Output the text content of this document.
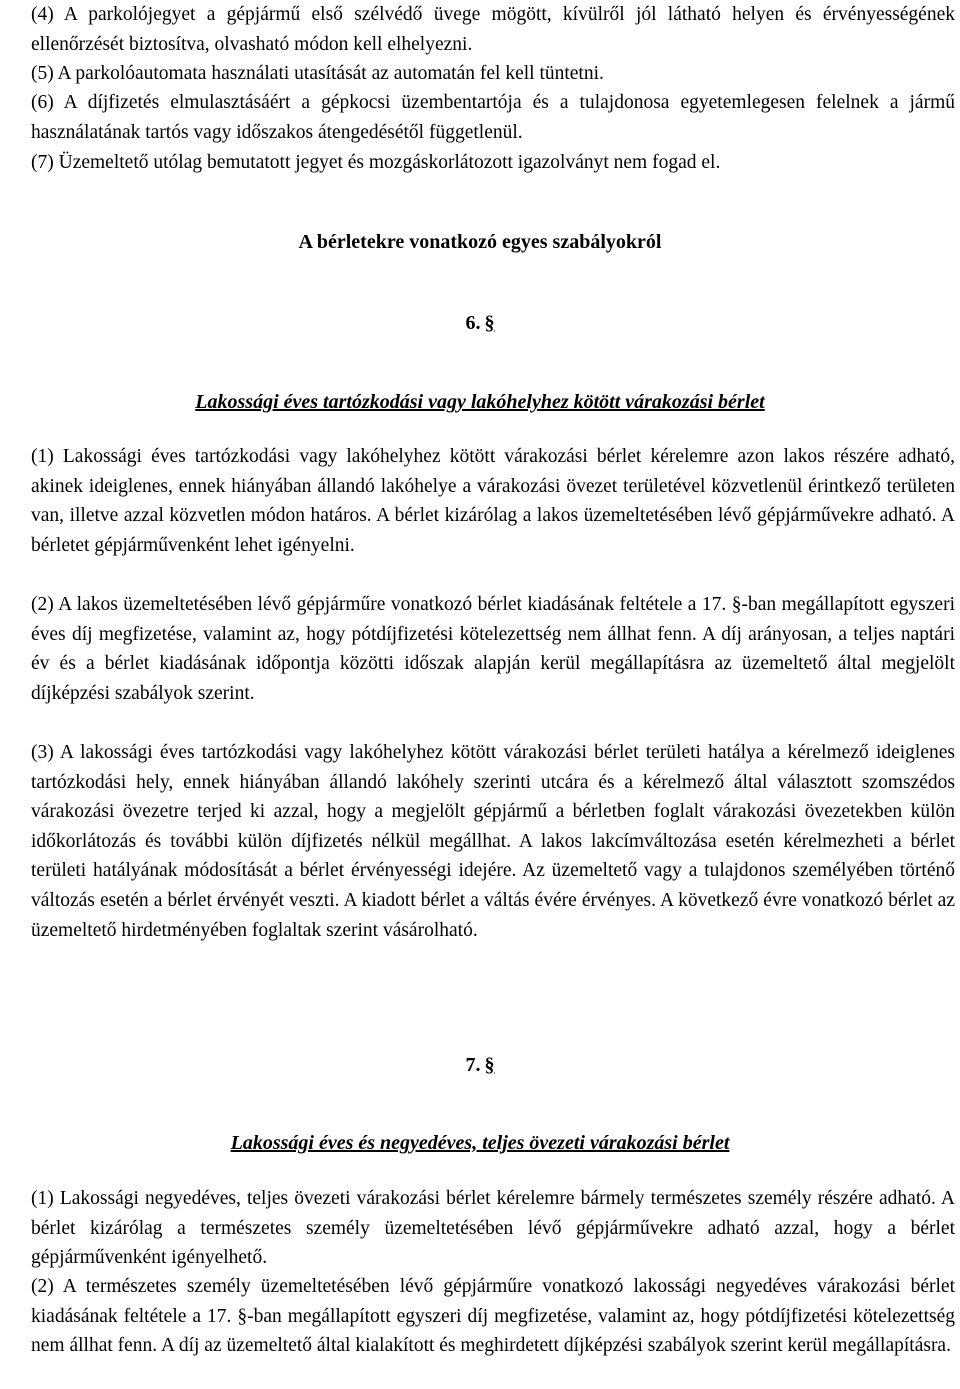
(4) A parkolójegyet a gépjármű első szélvédő üvege mögött, kívülről jól látható helyen és érvényességének ellenőrzését biztosítva, olvasható módon kell elhelyezni.

(5) A parkolóautomata használati utasítását az automatán fel kell tüntetni.

(6) A díjfizetés elmulasztásáért a gépkocsi üzembentartója és a tulajdonosa egyetemlegesen felelnek a jármű használatának tartós vagy időszakos átengedésétől függetlenül.

(7) Üzemeltető utólag bemutatott jegyet és mozgáskorlátozott igazolványt nem fogad el.

A bérletekre vonatkozó egyes szabályokról
6. §
Lakossági éves tartózkodási vagy lakóhelyhez kötött várakozási bérlet

(1) Lakossági éves tartózkodási vagy lakóhelyhez kötött várakozási bérlet kérelemre azon lakos részére adható, akinek ideiglenes, ennek hiányában állandó lakóhelye a várakozási övezet területével közvetlenül érintkező területen van, illetve azzal közvetlen módon határos. A bérlet kizárólag a lakos üzemeltetésében lévő gépjárművekre adható. A bérletet gépjárművenként lehet igényelni.

(2) A lakos üzemeltetésében lévő gépjárműre vonatkozó bérlet kiadásának feltétele a 17. §-ban megállapított egyszeri éves díj megfizetése, valamint az, hogy pótdíjfizetési kötelezettség nem állhat fenn. A díj arányosan, a teljes naptári év és a bérlet kiadásának időpontja közötti időszak alapján kerül megállapításra az üzemeltető által megjelölt díjképzési szabályok szerint.

(3) A lakossági éves tartózkodási vagy lakóhelyhez kötött várakozási bérlet területi hatálya a kérelmező ideiglenes tartózkodási hely, ennek hiányában állandó lakóhely szerinti utcára és a kérelmező által választott szomszédos várakozási övezetre terjed ki azzal, hogy a megjelölt gépjármű a bérletben foglalt várakozási övezetekben külön időkorlátozás és további külön díjfizetés nélkül megállhat. A lakos lakcímváltozása esetén kérelmezheti a bérlet területi hatályának módosítását a bérlet érvényességi idejére. Az üzemeltető vagy a tulajdonos személyében történő változás esetén a bérlet érvényét veszti. A kiadott bérlet a váltás évére érvényes. A következő évre vonatkozó bérlet az üzemeltető hirdetményében foglaltak szerint vásárolható.

7. §
Lakossági éves és negyedéves, teljes övezeti várakozási bérlet

(1) Lakossági negyedéves, teljes övezeti várakozási bérlet kérelemre bármely természetes személy részére adható. A bérlet kizárólag a természetes személy üzemeltetésében lévő gépjárművekre adható azzal, hogy a bérlet gépjárművenként igényelhető.

(2) A természetes személy üzemeltetésében lévő gépjárműre vonatkozó lakossági negyedéves várakozási bérlet kiadásának feltétele a 17. §-ban megállapított egyszeri díj megfizetése, valamint az, hogy pótdíjfizetési kötelezettség nem állhat fenn. A díj az üzemeltető által kialakított és meghirdetett díjképzési szabályok szerint kerül megállapításra.
